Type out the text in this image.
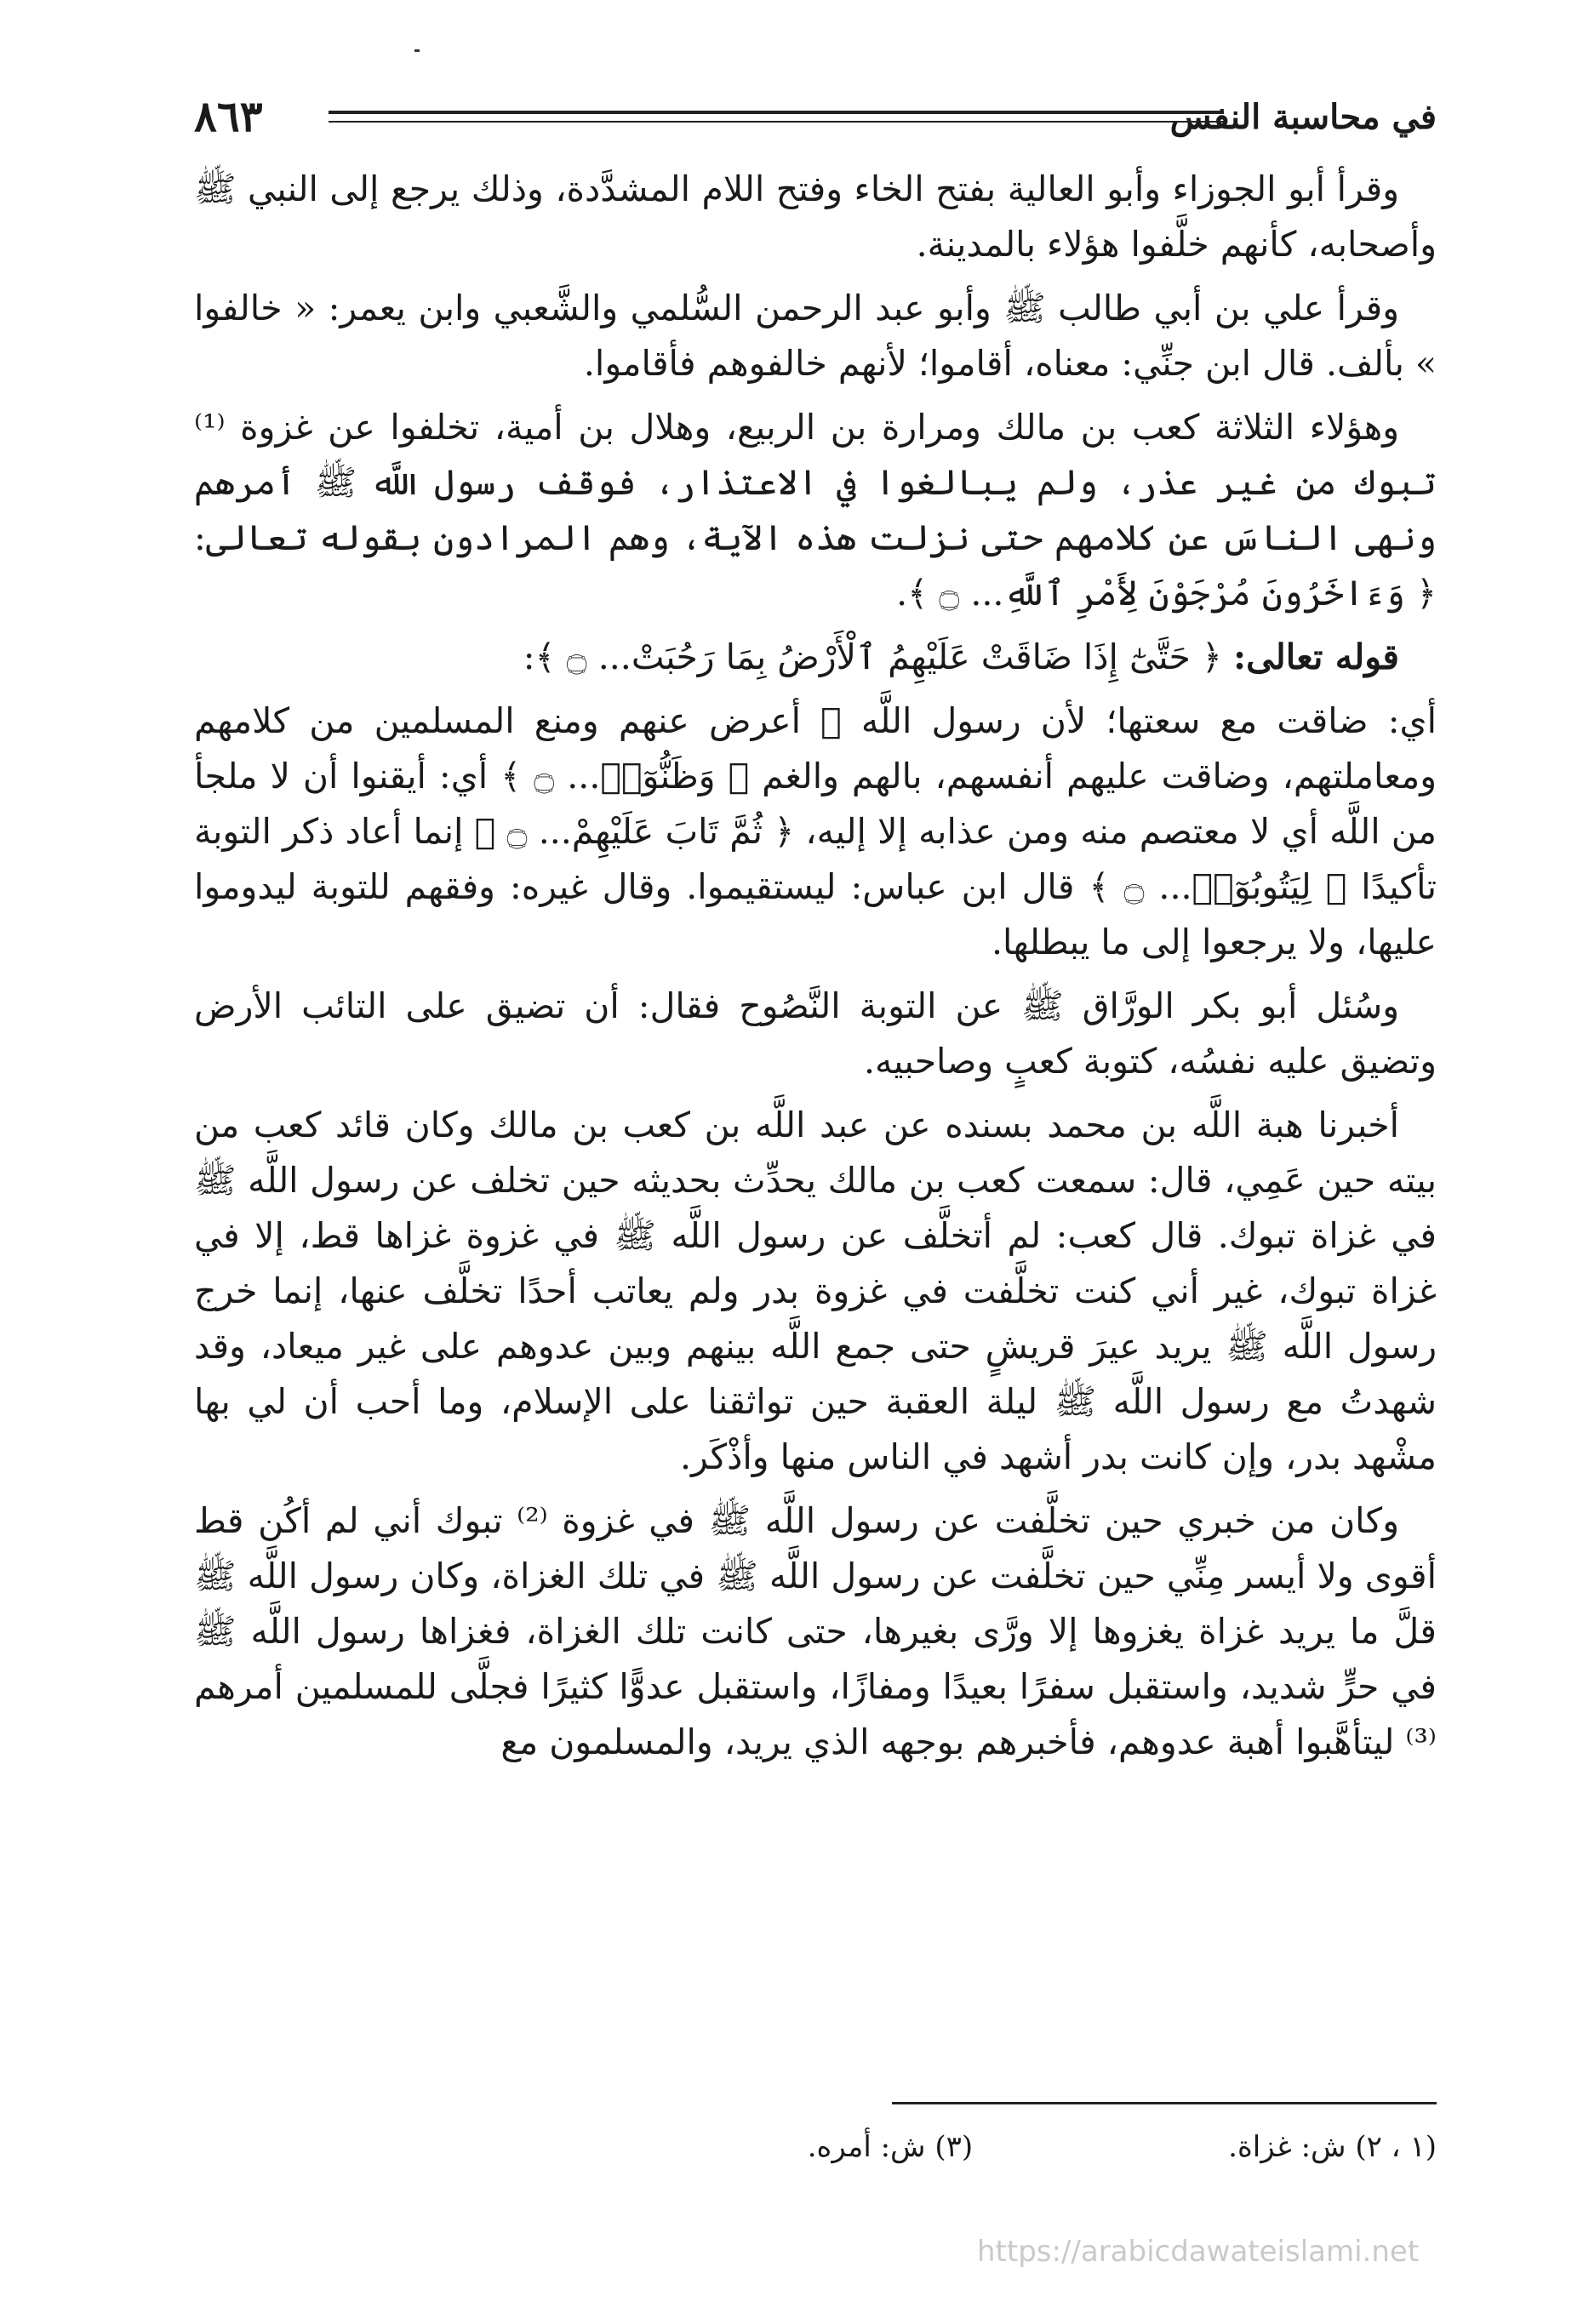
في محاسبة النفس
٨٦٣

وقرأ أبو الجوزاء وأبو العالية بفتح الخاء وفتح اللام المشدَّدة، وذلك يرجع إلى النبي ﷺ وأصحابه، كأنهم خلَّفوا هؤلاء بالمدينة.

وقرأ علي بن أبي طالب ﷺ وأبو عبد الرحمن السُّلمي والشَّعبي وابن يعمر: « خالفوا » بألف. قال ابن جنِّي: معناه، أقاموا؛ لأنهم خالفوهم فأقاموا.

وهؤلاء الثلاثة كعب بن مالك ومرارة بن الربيع، وهلال بن أمية، تخلفوا عن غزوة ⁽¹⁾ تبوك من غير عذر، ولم يبالغوا في الاعتذار، فوقف رسول اللَّه ﷺ أمرهم ونهى الناسَ عن كلامهم حتى نزلت هذه الآية، وهم المرادون بقوله تعالى: ﴿ وَءَاخَرُونَ مُرْجَوْنَ لِأَمْرِ ٱللَّهِ... ۝ ﴾.

قوله تعالى: ﴿ حَتَّىٰٓ إِذَا ضَاقَتْ عَلَيْهِمُ ٱلْأَرْضُ بِمَا رَحُبَتْ... ۝ ﴾:

أي: ضاقت مع سعتها؛ لأن رسول اللَّه ﷺ أعرض عنهم ومنع المسلمين من كلامهم ومعاملتهم، وضاقت عليهم أنفسهم، بالهم والغم ﴿ وَظَنُّوٓا۟... ۝ ﴾ أي: أيقنوا أن لا ملجأ من اللَّه أي لا معتصم منه ومن عذابه إلا إليه، ﴿ ثُمَّ تَابَ عَلَيْهِمْ... ۝ ﴾ إنما أعاد ذكر التوبة تأكيدًا ﴿ لِيَتُوبُوٓا۟... ۝ ﴾ قال ابن عباس: ليستقيموا. وقال غيره: وفقهم للتوبة ليدوموا عليها، ولا يرجعوا إلى ما يبطلها.

وسُئل أبو بكر الورَّاق ﷺ عن التوبة النَّصُوح فقال: أن تضيق على التائب الأرض وتضيق عليه نفسُه، كتوبة كعبٍ وصاحبيه.

أخبرنا هبة اللَّه بن محمد بسنده عن عبد اللَّه بن كعب بن مالك وكان قائد كعب من بيته حين عَمِي، قال: سمعت كعب بن مالك يحدِّث بحديثه حين تخلف عن رسول اللَّه ﷺ في غزاة تبوك. قال كعب: لم أتخلَّف عن رسول اللَّه ﷺ في غزوة غزاها قط، إلا في غزاة تبوك، غير أني كنت تخلَّفت في غزوة بدر ولم يعاتب أحدًا تخلَّف عنها، إنما خرج رسول اللَّه ﷺ يريد عيرَ قريشٍ حتى جمع اللَّه بينهم وبين عدوهم على غير ميعاد، وقد شهدتُ مع رسول اللَّه ﷺ ليلة العقبة حين تواثقنا على الإسلام، وما أحب أن لي بها مشْهد بدر، وإن كانت بدر أشهد في الناس منها وأذْكَر.

وكان من خبري حين تخلَّفت عن رسول اللَّه ﷺ في غزوة ⁽²⁾ تبوك أني لم أكُن قط أقوى ولا أيسر مِنِّي حين تخلَّفت عن رسول اللَّه ﷺ في تلك الغزاة، وكان رسول اللَّه ﷺ قلَّ ما يريد غزاة يغزوها إلا ورَّى بغيرها، حتى كانت تلك الغزاة، فغزاها رسول اللَّه ﷺ في حرٍّ شديد، واستقبل سفرًا بعيدًا ومفازًا، واستقبل عدوًّا كثيرًا فجلَّى للمسلمين أمرهم ⁽³⁾ ليتأهَّبوا أهبة عدوهم، فأخبرهم بوجهه الذي يريد، والمسلمون مع

(١ ، ٢) ش: غزاة.
(٣) ش: أمره.
https://arabicdawateislami.net
